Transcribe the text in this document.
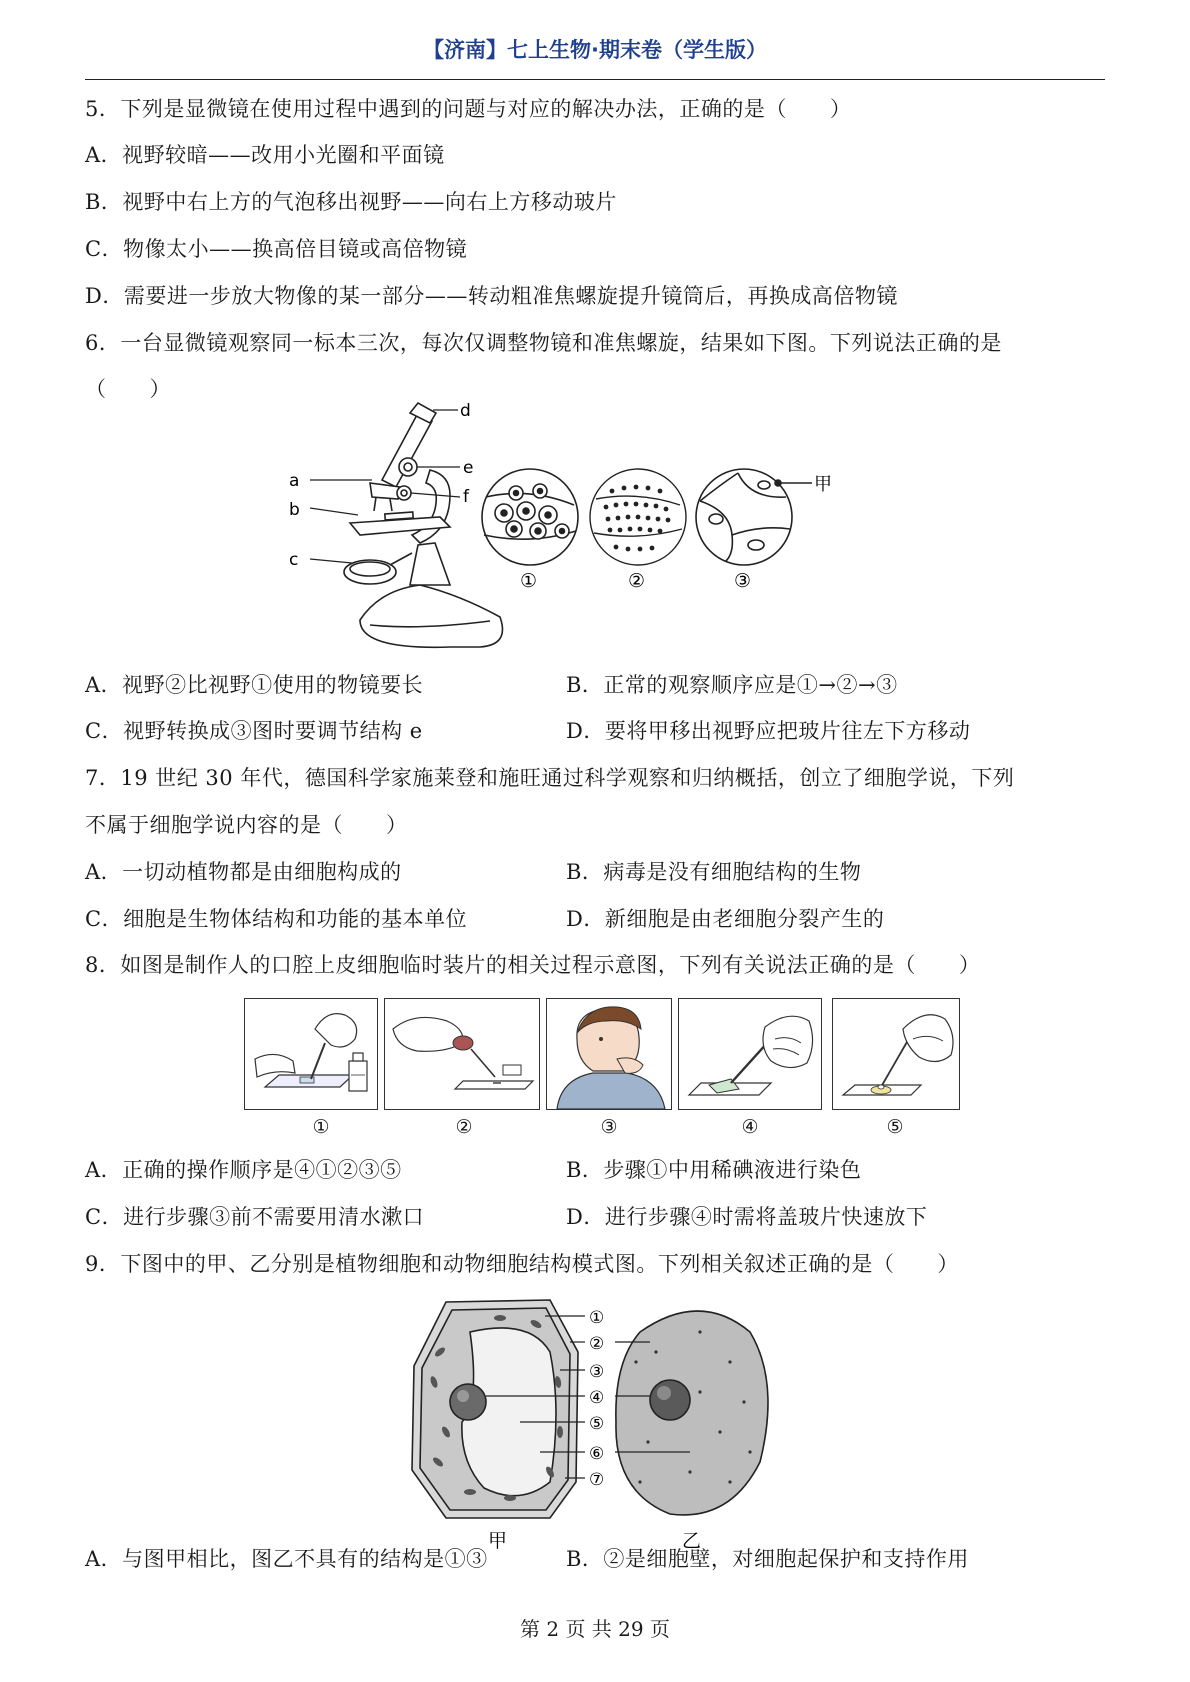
【济南】七上生物·期末卷（学生版）
5．下列是显微镜在使用过程中遇到的问题与对应的解决办法，正确的是（　　）
A．视野较暗——改用小光圈和平面镜
B．视野中右上方的气泡移出视野——向右上方移动玻片
C．物像太小——换高倍目镜或高倍物镜
D．需要进一步放大物像的某一部分——转动粗准焦螺旋提升镜筒后，再换成高倍物镜
6．一台显微镜观察同一标本三次，每次仅调整物镜和准焦螺旋，结果如下图。下列说法正确的是
（　　）
d
e
f
a
b
c
甲
①	②	③
A．视野②比视野①使用的物镜要长	B．正常的观察顺序应是①→②→③
C．视野转换成③图时要调节结构 e	D．要将甲移出视野应把玻片往左下方移动
7．19 世纪 30 年代，德国科学家施莱登和施旺通过科学观察和归纳概括，创立了细胞学说，下列
不属于细胞学说内容的是（　　）
A．一切动植物都是由细胞构成的	B．病毒是没有细胞结构的生物
C．细胞是生物体结构和功能的基本单位	D．新细胞是由老细胞分裂产生的
8．如图是制作人的口腔上皮细胞临时装片的相关过程示意图，下列有关说法正确的是（　　）
①	②	③	④	⑤
A．正确的操作顺序是④①②③⑤	B．步骤①中用稀碘液进行染色
C．进行步骤③前不需要用清水漱口	D．进行步骤④时需将盖玻片快速放下
9．下图中的甲、乙分别是植物细胞和动物细胞结构模式图。下列相关叙述正确的是（　　）
①
②
③
④
⑤
⑥
⑦
甲	乙
A．与图甲相比，图乙不具有的结构是①③	B．②是细胞壁，对细胞起保护和支持作用
第 2 页 共 29 页
